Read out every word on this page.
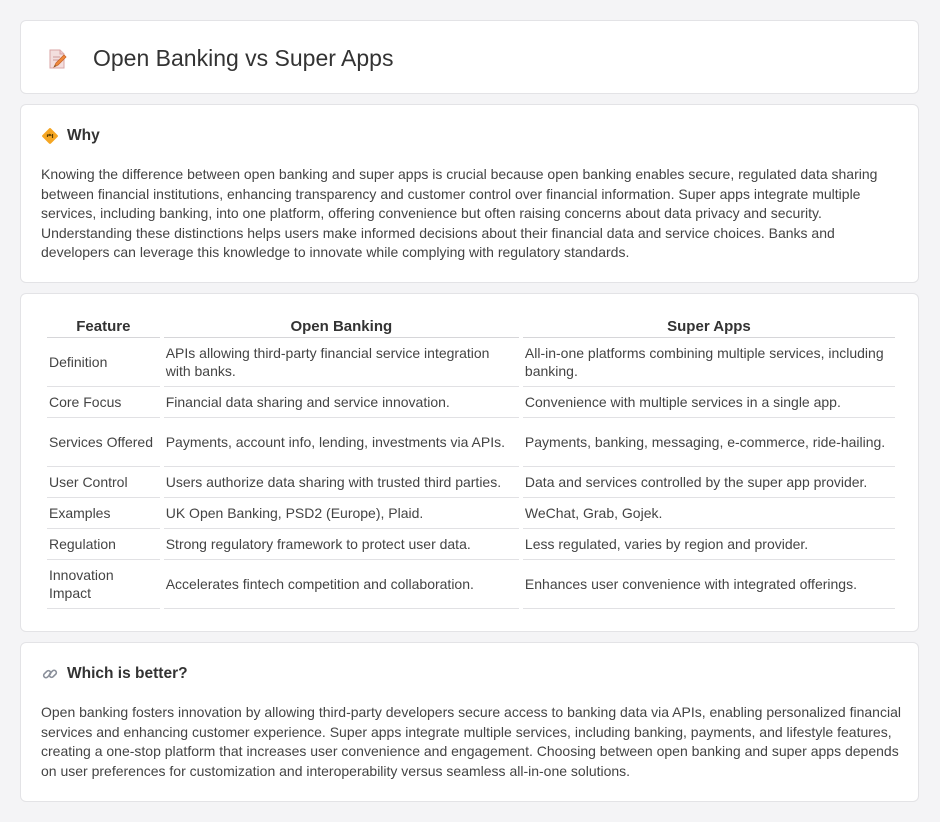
Open Banking vs Super Apps
Why

Knowing the difference between open banking and super apps is crucial because open banking enables secure, regulated data sharing between financial institutions, enhancing transparency and customer control over financial information. Super apps integrate multiple services, including banking, into one platform, offering convenience but often raising concerns about data privacy and security. Understanding these distinctions helps users make informed decisions about their financial data and service choices. Banks and developers can leverage this knowledge to innovate while complying with regulatory standards.

Feature	Open Banking	Super Apps
Definition	APIs allowing third-party financial service integration with banks.	All-in-one platforms combining multiple services, including banking.
Core Focus	Financial data sharing and service innovation.	Convenience with multiple services in a single app.
Services Offered	Payments, account info, lending, investments via APIs.	Payments, banking, messaging, e-commerce, ride-hailing.
User Control	Users authorize data sharing with trusted third parties.	Data and services controlled by the super app provider.
Examples	UK Open Banking, PSD2 (Europe), Plaid.	WeChat, Grab, Gojek.
Regulation	Strong regulatory framework to protect user data.	Less regulated, varies by region and provider.
Innovation Impact	Accelerates fintech competition and collaboration.	Enhances user convenience with integrated offerings.
Which is better?

Open banking fosters innovation by allowing third-party developers secure access to banking data via APIs, enabling personalized financial services and enhancing customer experience. Super apps integrate multiple services, including banking, payments, and lifestyle features, creating a one-stop platform that increases user convenience and engagement. Choosing between open banking and super apps depends on user preferences for customization and interoperability versus seamless all-in-one solutions.
